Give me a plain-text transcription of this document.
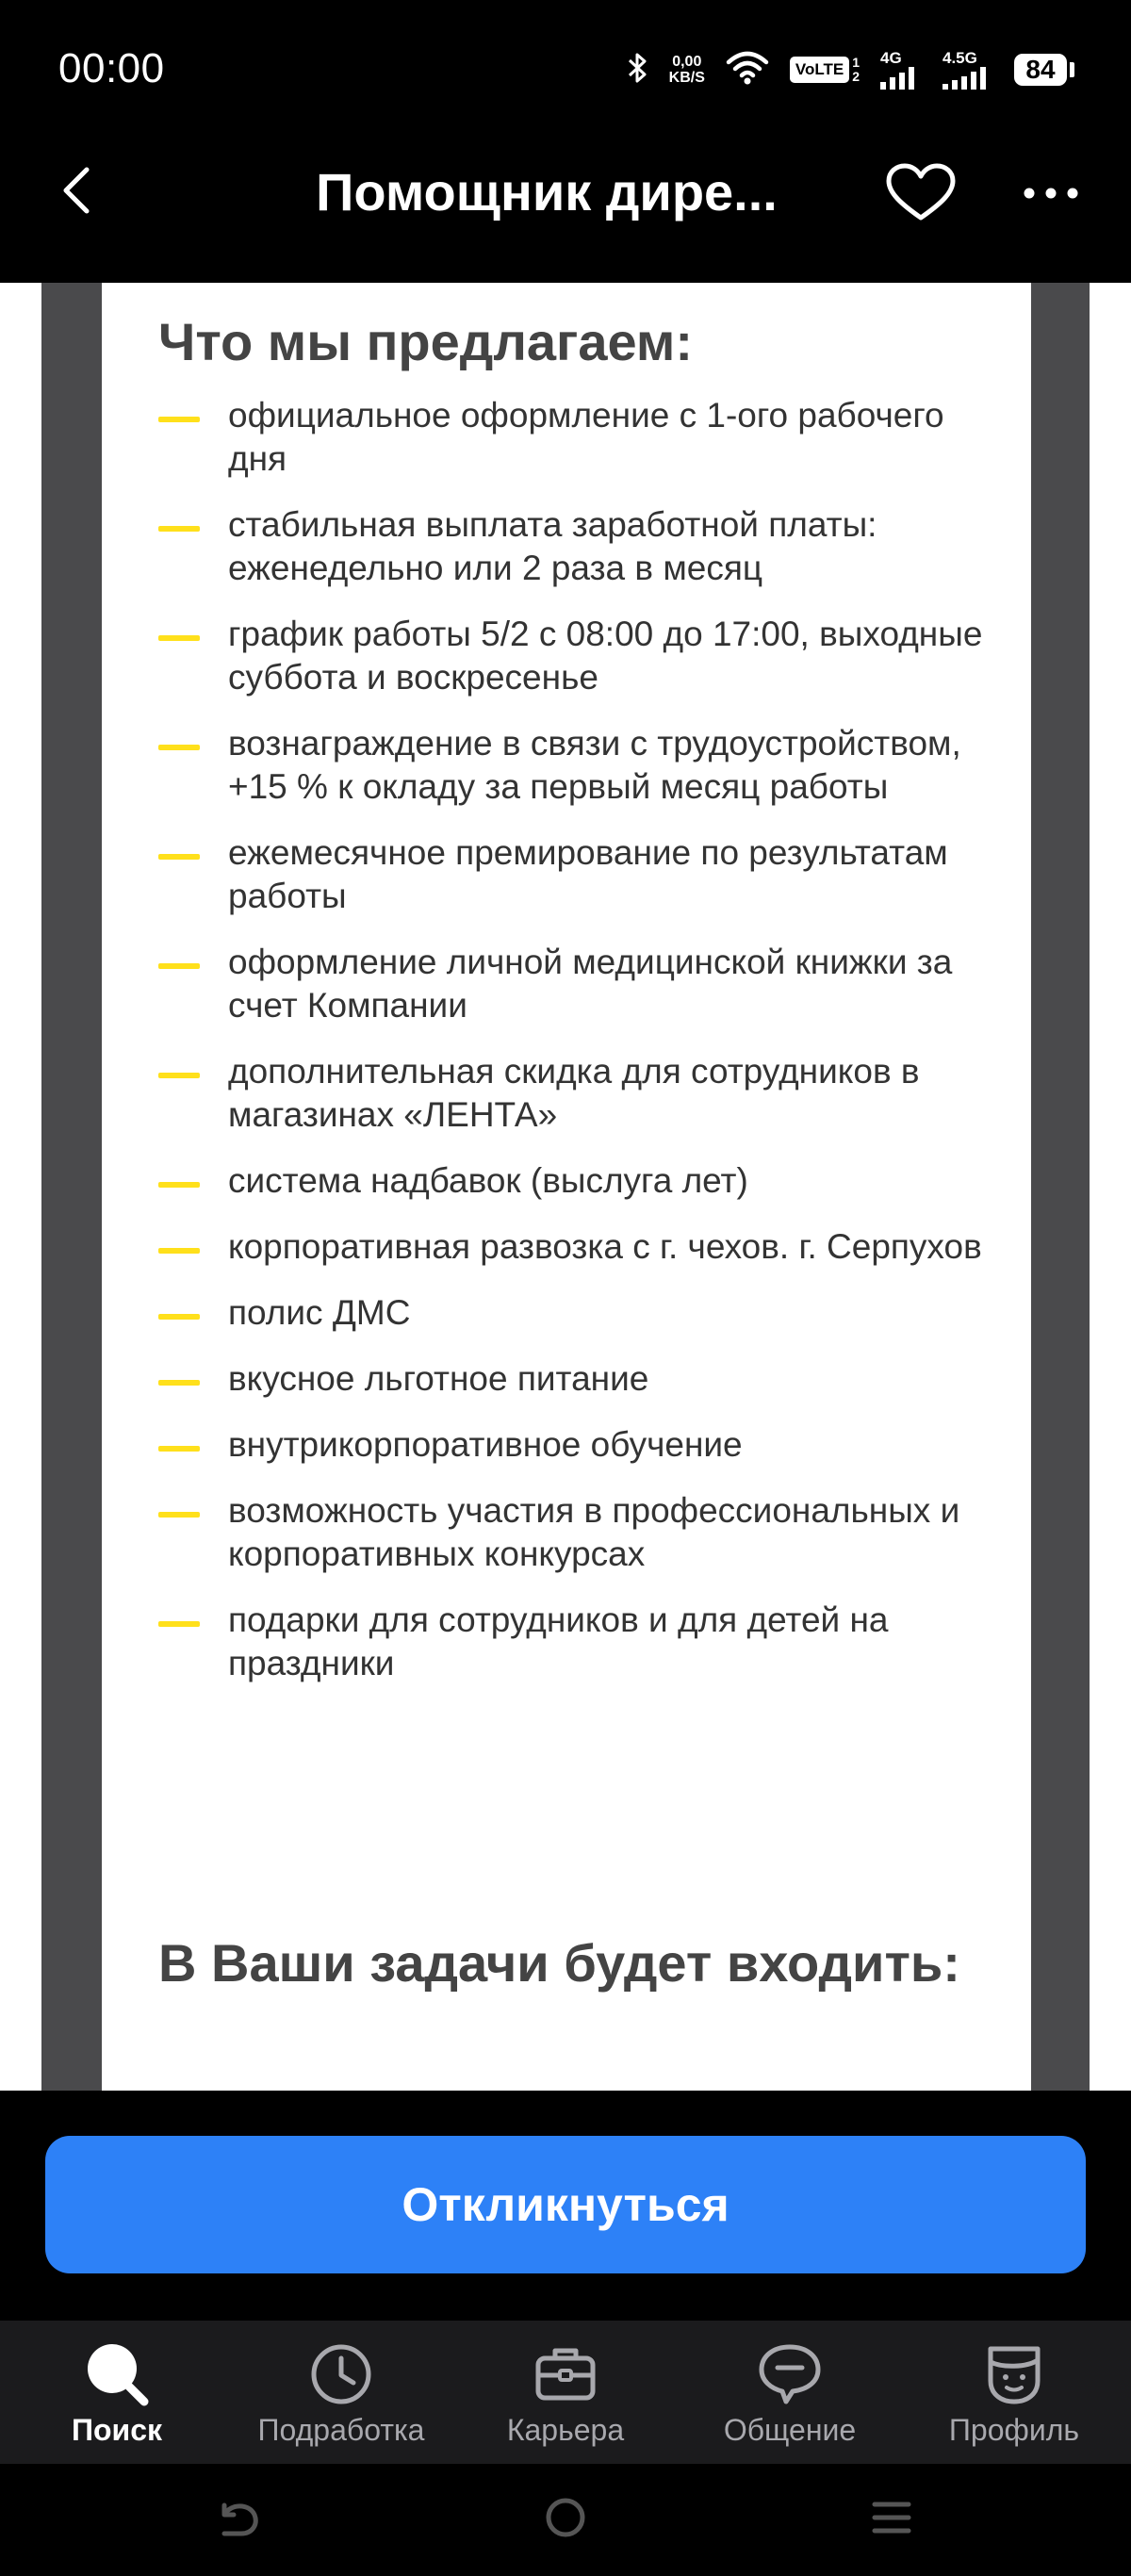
00:00	0,00
KB/S	VoLTE 1
2
4G	4.5G	84
Помощник дире...
Что мы предлагаем:
официальное оформление с 1-ого рабочего дня
стабильная выплата заработной платы: еженедельно или 2 раза в месяц
график работы 5/2 с 08:00 до 17:00, выходные суббота и воскресенье
вознаграждение в связи с трудоустройством, +15 % к окладу за первый месяц работы
ежемесячное премирование по результатам работы
оформление личной медицинской книжки за счет Компании
дополнительная скидка для сотрудников в магазинах «ЛЕНТА»
система надбавок (выслуга лет)
корпоративная развозка с г. чехов. г. Серпухов
полис ДМС
вкусное льготное питание
внутрикорпоративное обучение
возможность участия в профессиональных и корпоративных конкурсах
подарки для сотрудников и для детей на праздники
В Ваши задачи будет входить:
Откликнуться
Поиск	Подработка	Карьера	Общение	Профиль
